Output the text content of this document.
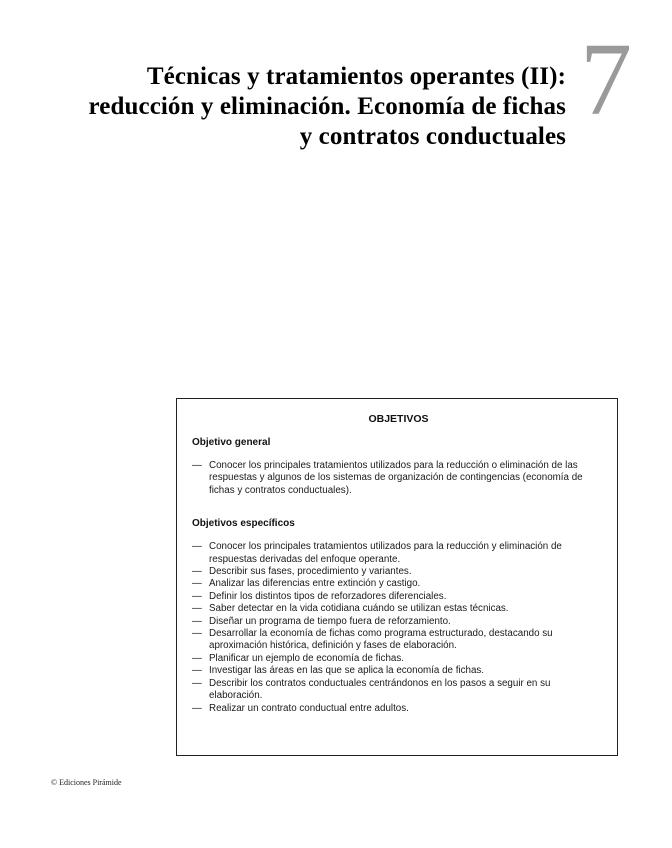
Técnicas y tratamientos operantes (II):
reducción y eliminación. Economía de fichas
y contratos conductuales 7
OBJETIVOS
Objetivo general
— Conocer los principales tratamientos utilizados para la reducción o eliminación de las respuestas y algunos de los sistemas de organización de contingencias (economía de fichas y contratos conductuales).
Objetivos específicos
— Conocer los principales tratamientos utilizados para la reducción y eliminación de respuestas derivadas del enfoque operante.
— Describir sus fases, procedimiento y variantes.
— Analizar las diferencias entre extinción y castigo.
— Definir los distintos tipos de reforzadores diferenciales.
— Saber detectar en la vida cotidiana cuándo se utilizan estas técnicas.
— Diseñar un programa de tiempo fuera de reforzamiento.
— Desarrollar la economía de fichas como programa estructurado, destacando su aproximación histórica, definición y fases de elaboración.
— Planificar un ejemplo de economía de fichas.
— Investigar las áreas en las que se aplica la economía de fichas.
— Describir los contratos conductuales centrándonos en los pasos a seguir en su elaboración.
— Realizar un contrato conductual entre adultos.
© Ediciones Pirámide
